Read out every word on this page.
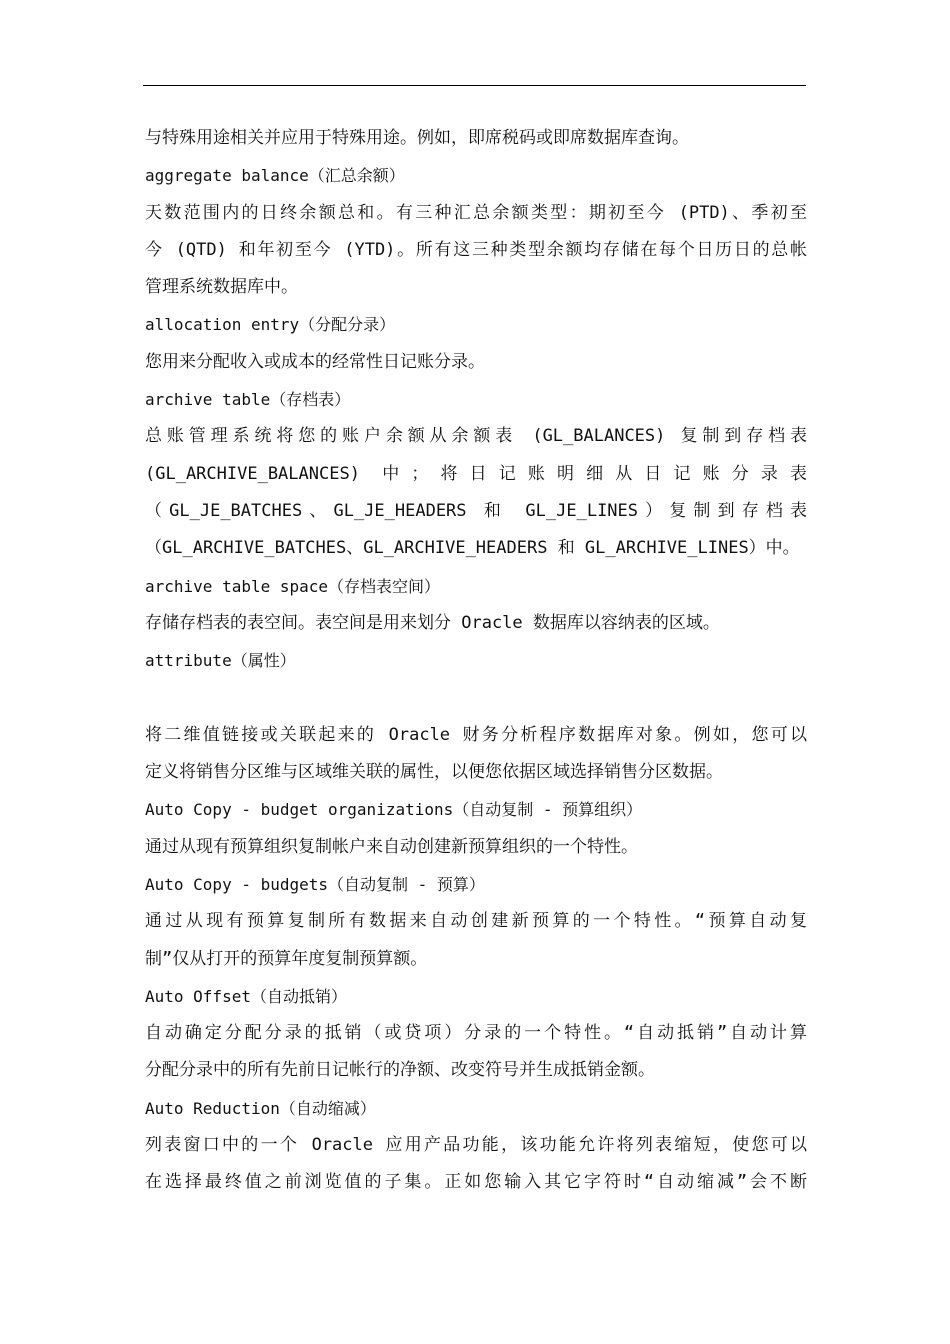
与特殊用途相关并应用于特殊用途。例如，即席税码或即席数据库查询。
aggregate balance（汇总余额）
天数范围内的日终余额总和。有三种汇总余额类型：期初至今 (PTD)、季初至
今 (QTD) 和年初至今 (YTD)。所有这三种类型余额均存储在每个日历日的总帐
管理系统数据库中。
allocation entry（分配分录）
您用来分配收入或成本的经常性日记账分录。
archive table（存档表）
总账管理系统将您的账户余额从余额表 (GL_BALANCES) 复制到存档表
(GL_ARCHIVE_BALANCES) 中；将日记账明细从日记账分录表
（GL_JE_BATCHES、GL_JE_HEADERS 和 GL_JE_LINES）复制到存档表
（GL_ARCHIVE_BATCHES、GL_ARCHIVE_HEADERS 和 GL_ARCHIVE_LINES）中。
archive table space（存档表空间）
存储存档表的表空间。表空间是用来划分 Oracle 数据库以容纳表的区域。
attribute（属性）
将二维值链接或关联起来的 Oracle 财务分析程序数据库对象。例如，您可以
定义将销售分区维与区域维关联的属性，以便您依据区域选择销售分区数据。
Auto Copy - budget organizations（自动复制 - 预算组织）
通过从现有预算组织复制帐户来自动创建新预算组织的一个特性。
Auto Copy - budgets（自动复制 - 预算）
通过从现有预算复制所有数据来自动创建新预算的一个特性。“预算自动复
制”仅从打开的预算年度复制预算额。
Auto Offset（自动抵销）
自动确定分配分录的抵销（或贷项）分录的一个特性。“自动抵销”自动计算
分配分录中的所有先前日记帐行的净额、改变符号并生成抵销金额。
Auto Reduction（自动缩减）
列表窗口中的一个 Oracle 应用产品功能，该功能允许将列表缩短，使您可以
在选择最终值之前浏览值的子集。正如您输入其它字符时“自动缩减”会不断
